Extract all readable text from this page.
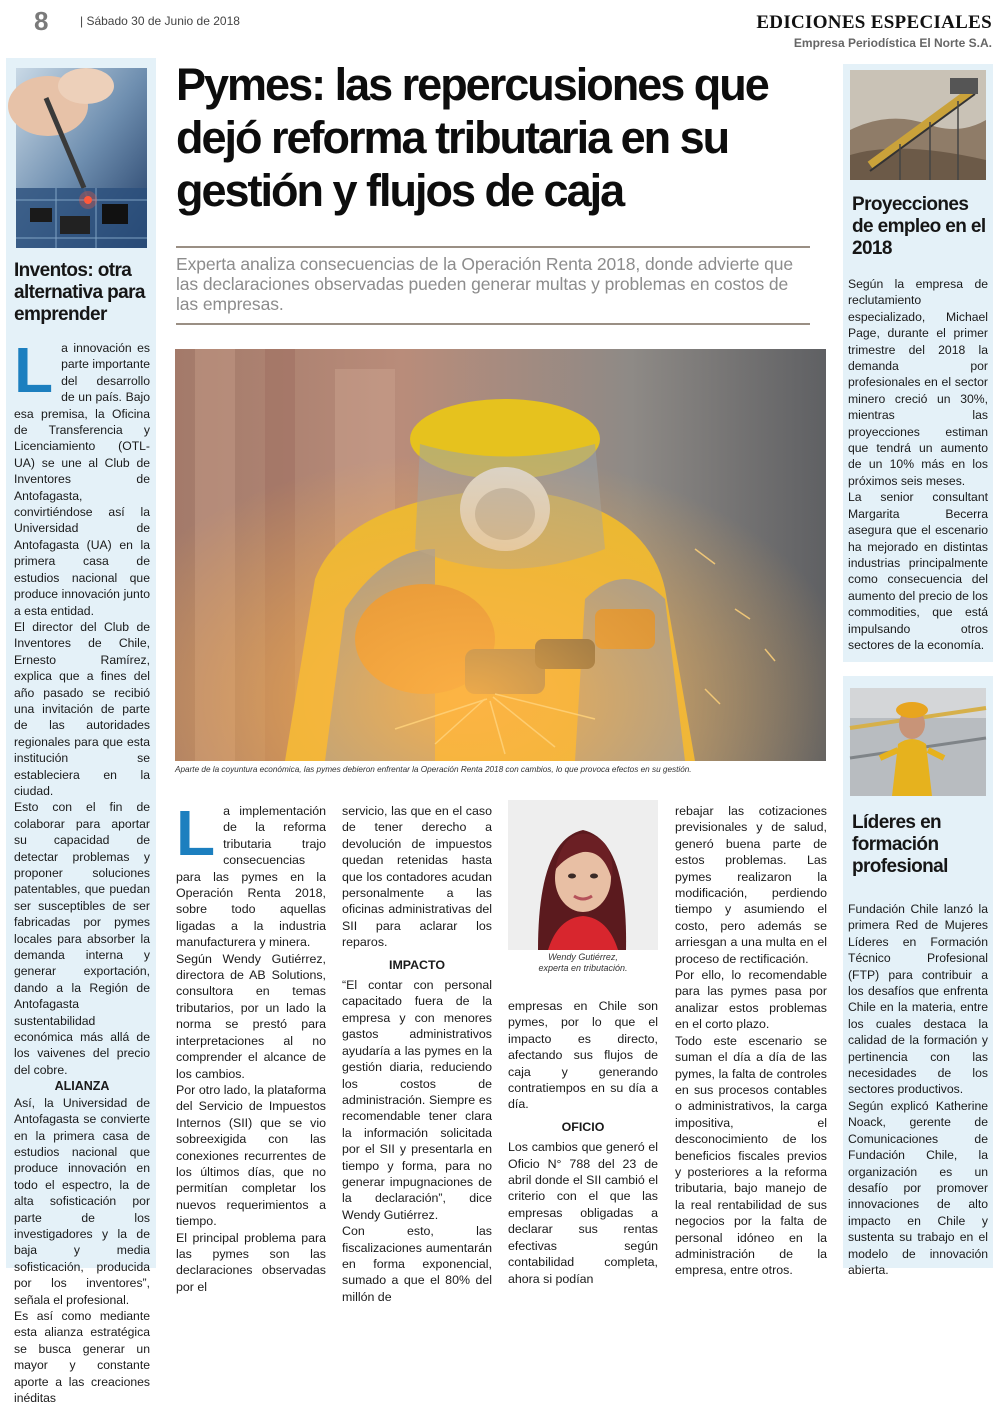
8	| Sábado 30 de Junio de 2018	EDICIONES ESPECIALES
Empresa Periodística El Norte S.A.
Inventos: otra alternativa para emprender

La innovación es parte importante del desarrollo de un país. Bajo esa premisa, la Oficina de Transferencia y Licenciamiento (OTL-UA) se une al Club de Inventores de Antofagasta, convirtiéndose así la Universidad de Antofagasta (UA) en la primera casa de estudios nacional que produce innovación junto a esta entidad.

El director del Club de Inventores de Chile, Ernesto Ramírez, explica que a fines del año pasado se recibió una invitación de parte de las autoridades regionales para que esta institución se estableciera en la ciudad.

Esto con el fin de colaborar para aportar su capacidad de detectar problemas y proponer soluciones patentables, que puedan ser susceptibles de ser fabricadas por pymes locales para absorber la demanda interna y generar exportación, dando a la Región de Antofagasta sustentabilidad económica más allá de los vaivenes del precio del cobre.

ALIANZA

Así, la Universidad de Antofagasta se convierte en la primera casa de estudios nacional que produce innovación en todo el espectro, la de alta sofisticación por parte de los investigadores y la de baja y media sofisticación, producida por los inventores”, señala el profesional.

Es así como mediante esta alianza estratégica se busca generar un mayor y constante aporte a las creaciones inéditas

Pymes: las repercusiones que dejó reforma tributaria en su gestión y flujos de caja
Experta analiza consecuencias de la Operación Renta 2018, donde advierte que las declaraciones observadas pueden generar multas y problemas en costos de las empresas.
Aparte de la coyuntura económica, las pymes debieron enfrentar la Operación Renta 2018 con cambios, lo que provoca efectos en su gestión.

La implementación de la reforma tributaria trajo consecuencias para las pymes en la Operación Renta 2018, sobre todo aquellas ligadas a la industria manufacturera y minera.

Según Wendy Gutiérrez, directora de AB Solutions, consultora en temas tributarios, por un lado la norma se prestó para interpretaciones al no comprender el alcance de los cambios.

Por otro lado, la plataforma del Servicio de Impuestos Internos (SII) que se vio sobreexigida con las conexiones recurrentes de los últimos días, que no permitían completar los nuevos requerimientos a tiempo.

El principal problema para las pymes son las declaraciones observadas por el

servicio, las que en el caso de tener derecho a devolución de impuestos quedan retenidas hasta que los contadores acudan personalmente a las oficinas administrativas del SII para aclarar los reparos.

IMPACTO

“El contar con personal capacitado fuera de la empresa y con menores gastos administrativos ayudaría a las pymes en la gestión diaria, reduciendo los costos de administración. Siempre es recomendable tener clara la información solicitada por el SII y presentarla en tiempo y forma, para no generar impugnaciones de la declaración”, dice Wendy Gutiérrez.

Con esto, las fiscalizaciones aumentarán en forma exponencial, sumado a que el 80% del millón de

Wendy Gutiérrez,
experta en tributación.

empresas en Chile son pymes, por lo que el impacto es directo, afectando sus flujos de caja y generando contratiempos en su día a día.

OFICIO

Los cambios que generó el Oficio N° 788 del 23 de abril donde el SII cambió el criterio con el que las empresas obligadas a declarar sus rentas efectivas según contabilidad completa, ahora si podían

rebajar las cotizaciones previsionales y de salud, generó buena parte de estos problemas. Las pymes realizaron la modificación, perdiendo tiempo y asumiendo el costo, pero además se arriesgan a una multa en el proceso de rectificación.

Por ello, lo recomendable para las pymes pasa por analizar estos problemas en el corto plazo.

Todo este escenario se suman el día a día de las pymes, la falta de controles en sus procesos contables o administrativos, la carga impositiva, el desconocimiento de los beneficios fiscales previos y posteriores a la reforma tributaria, bajo manejo de la real rentabilidad de sus negocios por la falta de personal idóneo en la administración de la empresa, entre otros.

Proyecciones de empleo en el 2018

Según la empresa de reclutamiento especializado, Michael Page, durante el primer trimestre del 2018 la demanda por profesionales en el sector minero creció un 30%, mientras las proyecciones estiman que tendrá un aumento de un 10% más en los próximos seis meses.

La senior consultant Margarita Becerra asegura que el escenario ha mejorado en distintas industrias principalmente como consecuencia del aumento del precio de los commodities, que está impulsando otros sectores de la economía.

Líderes en formación profesional

Fundación Chile lanzó la primera Red de Mujeres Líderes en Formación Técnico Profesional (FTP) para contribuir a los desafíos que enfrenta Chile en la materia, entre los cuales destaca la calidad de la formación y pertinencia con las necesidades de los sectores productivos.

Según explicó Katherine Noack, gerente de Comunicaciones de Fundación Chile, la organización es un desafío por promover innovaciones de alto impacto en Chile y sustenta su trabajo en el modelo de innovación abierta.
